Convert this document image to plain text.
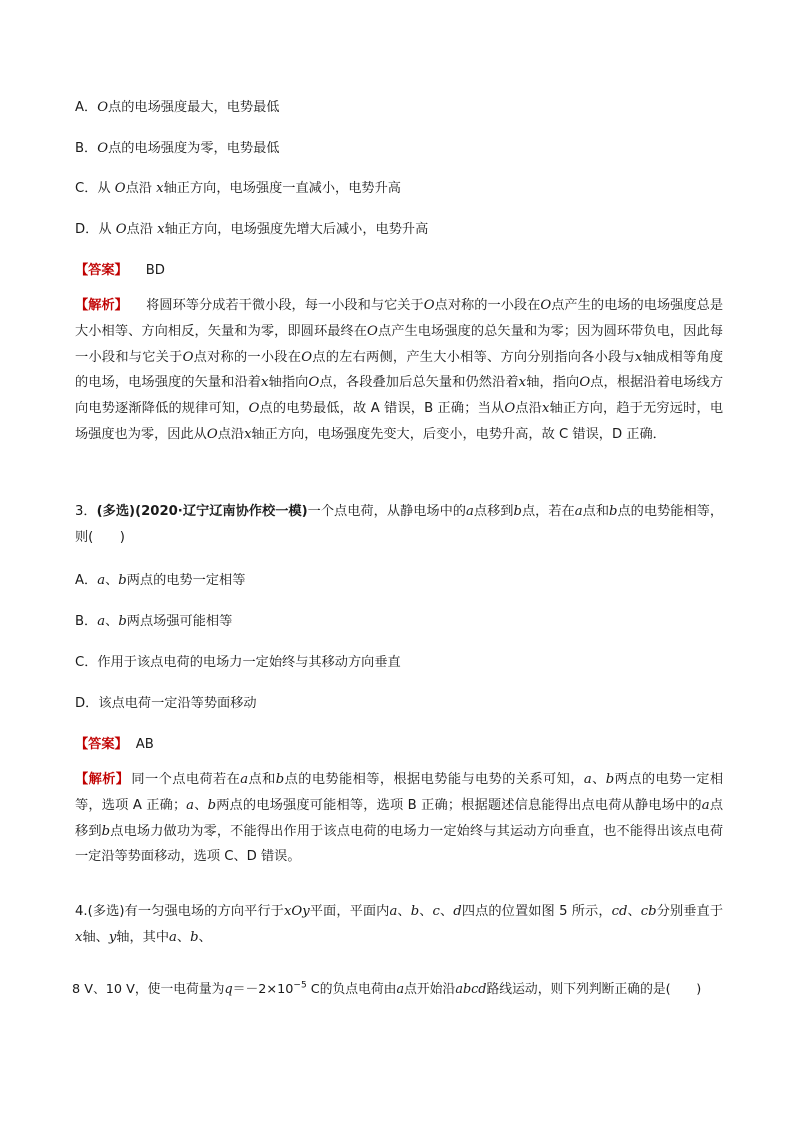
A．O点的电场强度最大，电势最低
B．O点的电场强度为零，电势最低
C．从 O点沿 x轴正方向，电场强度一直减小，电势升高
D．从 O点沿 x轴正方向，电场强度先增大后减小，电势升高
【答案】 BD
【解析】 将圆环等分成若干微小段，每一小段和与它关于O点对称的一小段在O点产生的电场的电场强度总是大小相等、方向相反，矢量和为零，即圆环最终在O点产生电场强度的总矢量和为零；因为圆环带负电，因此每一小段和与它关于O点对称的一小段在O点的左右两侧，产生大小相等、方向分别指向各小段与x轴成相等角度的电场，电场强度的矢量和沿着x轴指向O点，各段叠加后总矢量和仍然沿着x轴，指向O点，根据沿着电场线方向电势逐渐降低的规律可知，O点的电势最低，故 A 错误，B 正确；当从O点沿x轴正方向，趋于无穷远时，电场强度也为零，因此从O点沿x轴正方向，电场强度先变大，后变小，电势升高，故 C 错误，D 正确．
3．(多选)(2020·辽宁辽南协作校一模)一个点电荷，从静电场中的a点移到b点，若在a点和b点的电势能相等，则(　　)
A．a、b两点的电势一定相等
B．a、b两点场强可能相等
C．作用于该点电荷的电场力一定始终与其移动方向垂直
D．该点电荷一定沿等势面移动
【答案】 AB
【解析】 同一个点电荷若在a点和b点的电势能相等，根据电势能与电势的关系可知，a、b两点的电势一定相等，选项 A 正确；a、b两点的电场强度可能相等，选项 B 正确；根据题述信息能得出点电荷从静电场中的a点移到b点电场力做功为零，不能得出作用于该点电荷的电场力一定始终与其运动方向垂直，也不能得出该点电荷一定沿等势面移动，选项 C、D 错误。
4.(多选)有一匀强电场的方向平行于xOy平面，平面内a、b、c、d四点的位置如图 5 所示，cd、cb分别垂直于x轴、y轴，其中a、b、
8 V、10 V，使一电荷量为$q=-2\times 10^{-5}$ C的负点电荷由a点开始沿abcd路线运动，则下列判断正确的是(　　)
